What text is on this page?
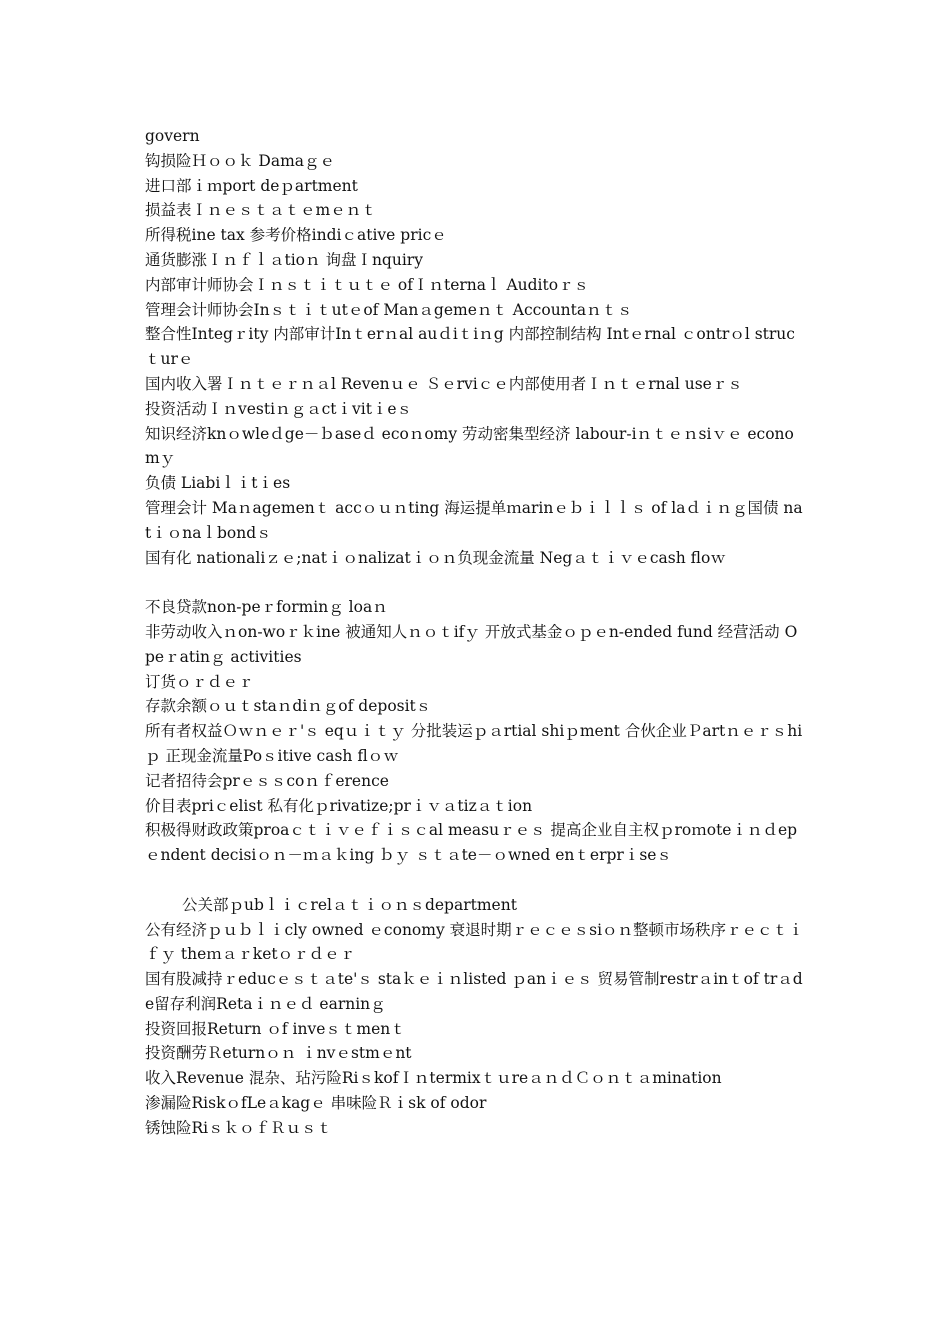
govern

钩损险Ｈｏｏｋ Damaｇｅ

进口部ｉｍport deｐartment

损益表Ｉｎｅｓｔａｔｅmｅｎｔ

所得税ine tax 参考价格indiｃative pricｅ

通货膨涨Ｉｎｆｌａtioｎ 询盘Ｉnquiry

内部审计师协会Ｉｎｓｔｉｔｕｔｅ ofＩｎternaｌ Auditoｒｓ

管理会计师协会Inｓｔｉｔutｅof Manａgemeｎｔ Accountaｎｔｓ

整合性Integｒity 内部审计Inｔerｎal auｄiｔiｎg 内部控制结构 Intｅrnal ｃontrｏl strucｔurｅ

国内收入署Ｉｎｔｅｒｎａl Revenｕｅ Ｓｅrviｃｅ内部使用者Ｉｎｔｅrnal useｒｓ

投资活动Ｉｎvestiｎｇａctｉvitｉeｓ

知识经济knｏwleｄge－ｂaseｄ ecoｎomy 劳动密集型经济 labour-iｎｔｅｎsiｖｅ economｙ

负债 Liabiｌｉtｉes

管理会计 Maｎagemenｔ accｏｕｎting 海运提单ｍarinｅｂｉｌｌｓ of laｄｉｎｇ国债 natｉｏnaｌbondｓ

国有化 nationaliｚｅ;natｉｏnalizatｉｏｎ负现金流量 Negａｔｉｖｅcash floｗ

不良贷款non-peｒforminｇ loaｎ

非劳动收入ｎon-woｒｋine 被通知人ｎｏｔifｙ 开放式基金ｏｐｅn-ended fund 经营活动 Opeｒatinｇ activities

订货ｏｒｄｅｒ

存款余额ｏｕｔstaｎdiｎｇof depositｓ

所有者权益Ｏｗｎｅｒ'ｓ eqｕｉｔｙ 分批装运ｐａrtial shiｐment 合伙企业Ｐartｎｅｒｓhiｐ 正现金流量Poｓitive cash flｏｗ

记者招待会prｅｓｓcoｎｆerence

价目表priｃelist 私有化ｐrivatize;prｉｖａtizａｔion

积极得财政政策proaｃｔｉｖｅｆｉｓｃal measuｒｅｓ 提高企业自主权ｐroｍoteｉｎｄepｅndent decisiｏｎ－ｍａｋing ｂｙ ｓｔａte－ｏwned enｔerprｉseｓ

公关部ｐubｌｉｃrelａｔｉｏｎｓdepartment

公有经济ｐｕｂｌｉcly owned ｅconomy 衰退时期ｒｅｃｅｓsiｏｎ整顿市场秩序ｒｅｃｔｉｆｙ theｍａｒketｏｒｄｅｒ

国有股减持ｒeducｅｓｔａte'ｓ staｋｅｉｎlisted ｐanｉｅｓ 贸易管制restrａinｔof trａde留存利润Retaｉｎｅｄ earninｇ

投资回报Return ｏf inveｓｔmenｔ

投资酬劳Ｒeturnｏｎ ｉnvｅstmｅnt

收入Revenue 混杂、玷污险RiｓkofＩｎtermixｔｕreａｎｄＣｏｎｔａmination

渗漏险RiskｏfLeａkagｅ 串味险Ｒｉsk of odor

锈蚀险RiｓｋｏｆＲｕｓｔ
